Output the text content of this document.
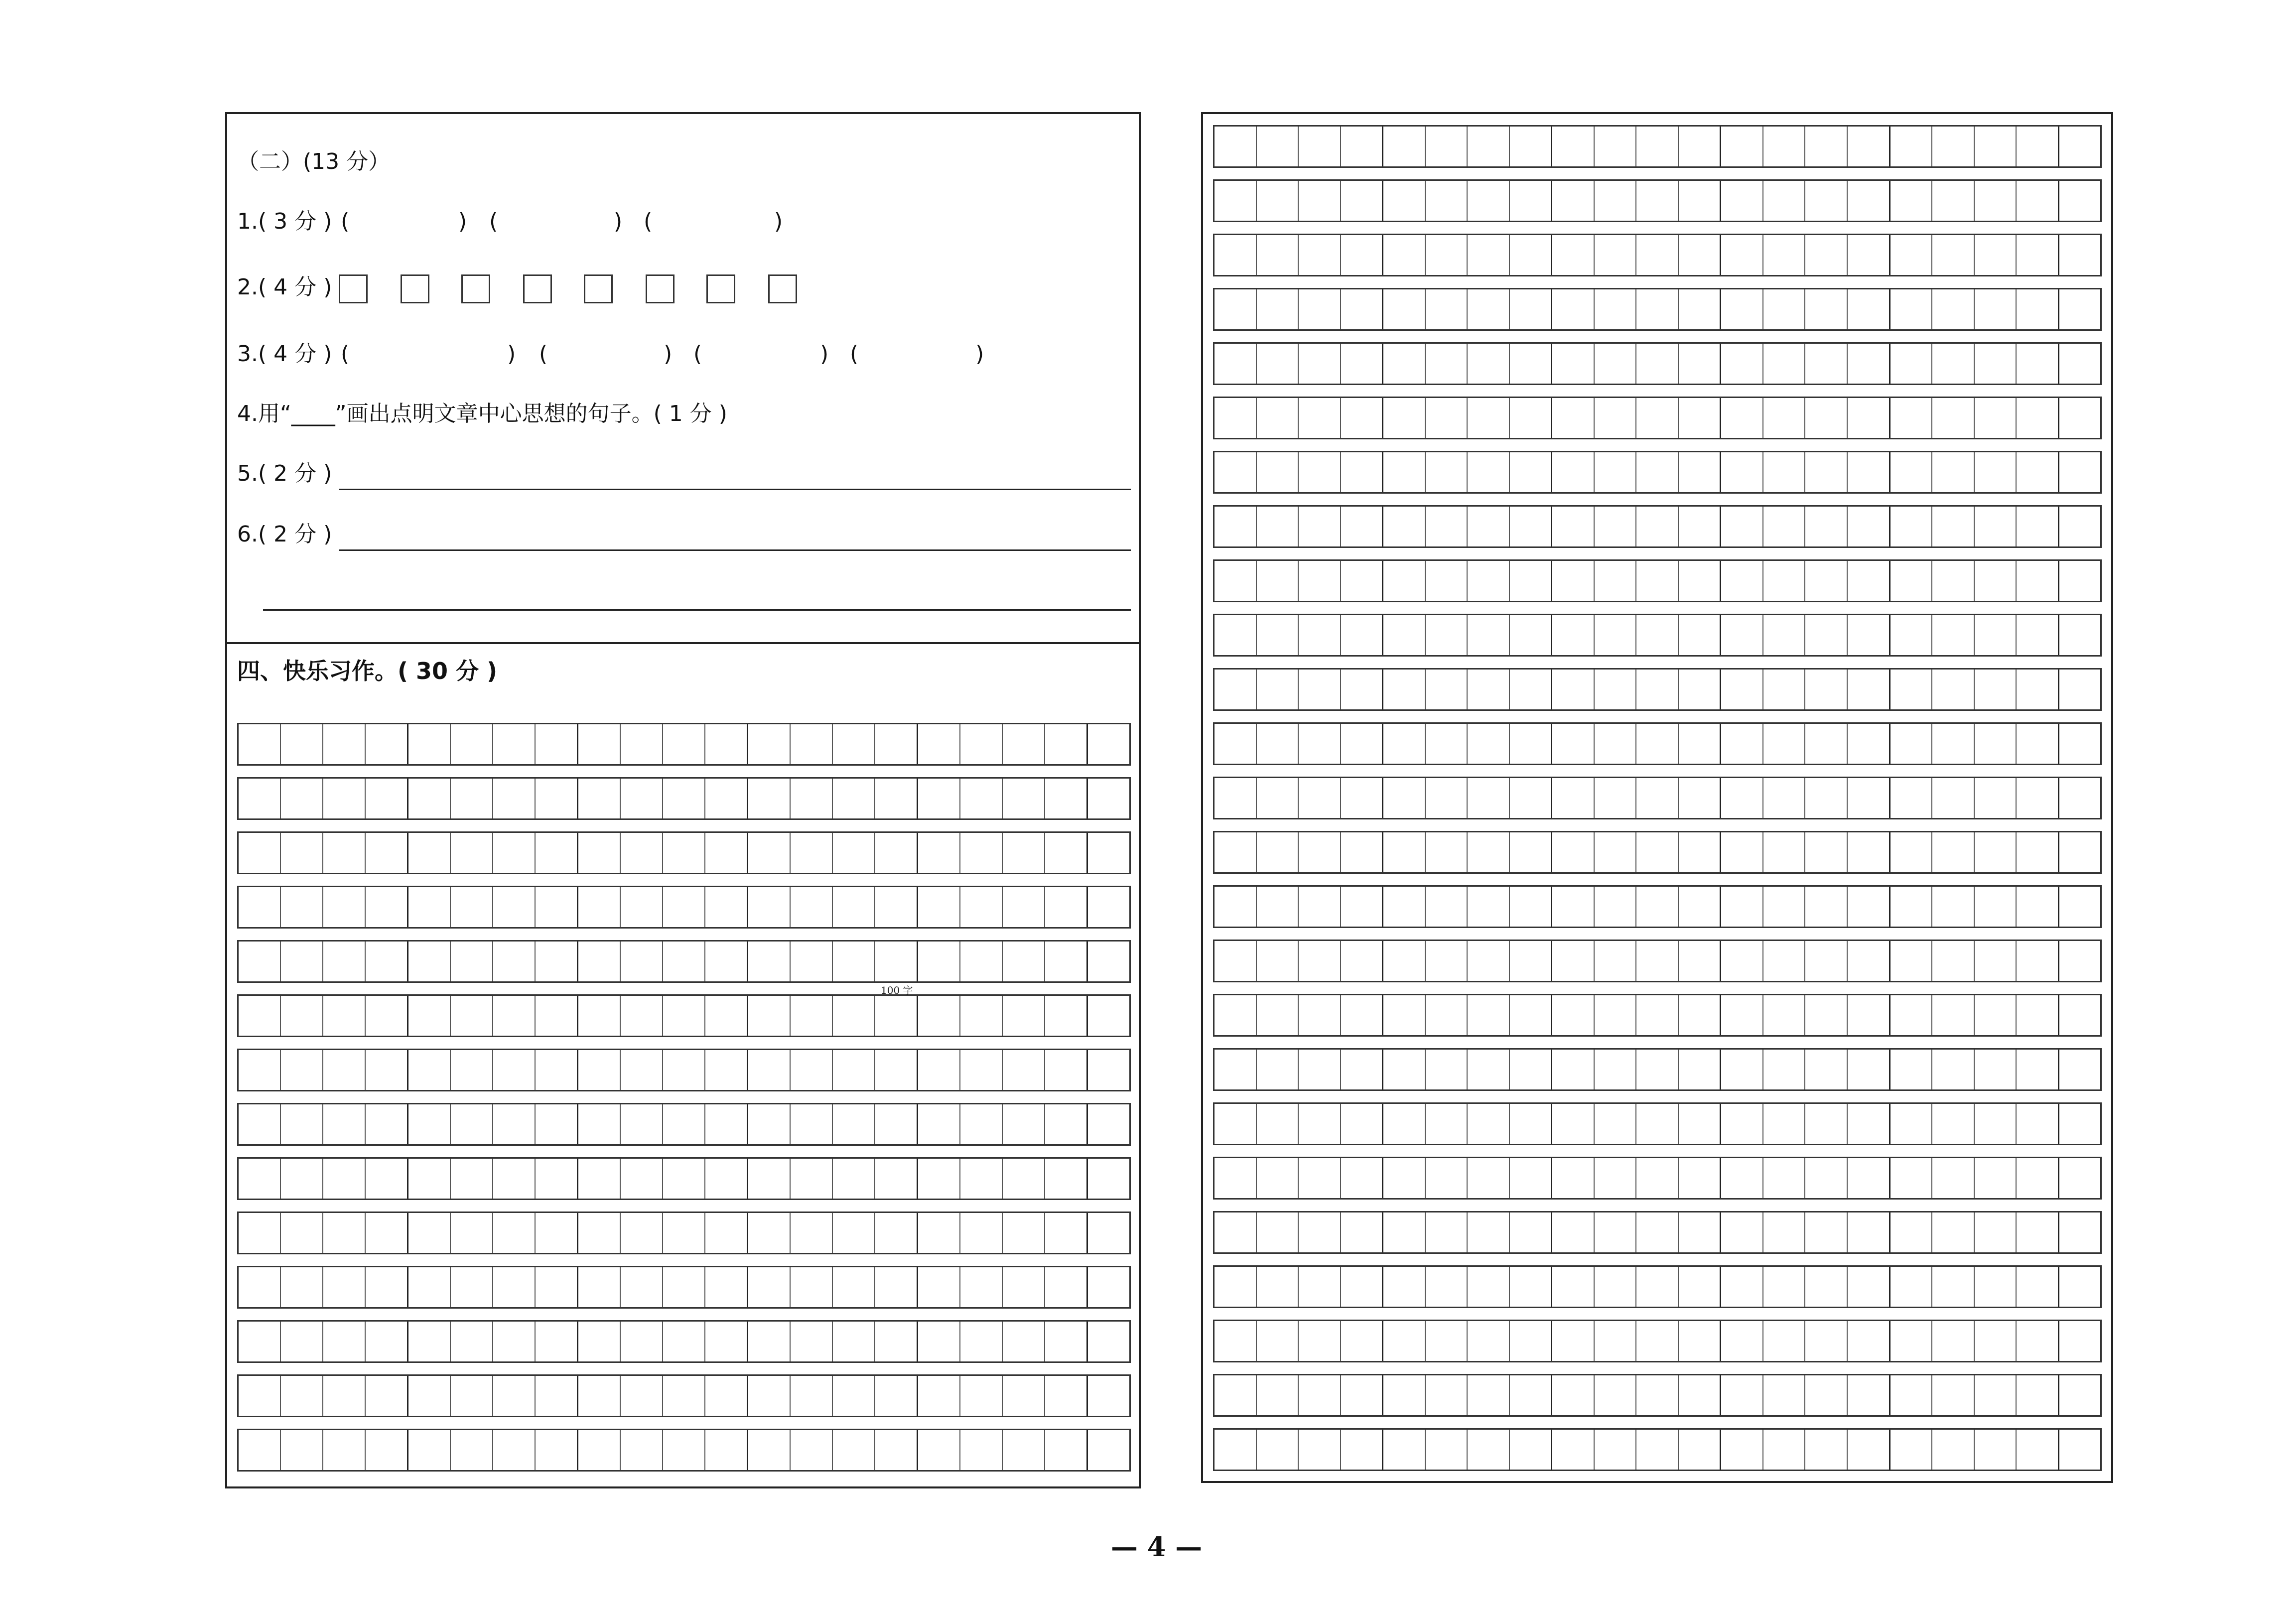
（二）(13 分）
1.( 3 分 ) (	) (	) (	)
2.( 4 分 )
3.( 4 分 ) (	) (	) (	) (	)
4.用“____”画出点明文章中心思想的句子。( 1 分 )
5.( 2 分 )
6.( 2 分 )
四、快乐习作。( 30 分 )
100 字
— 4 —
